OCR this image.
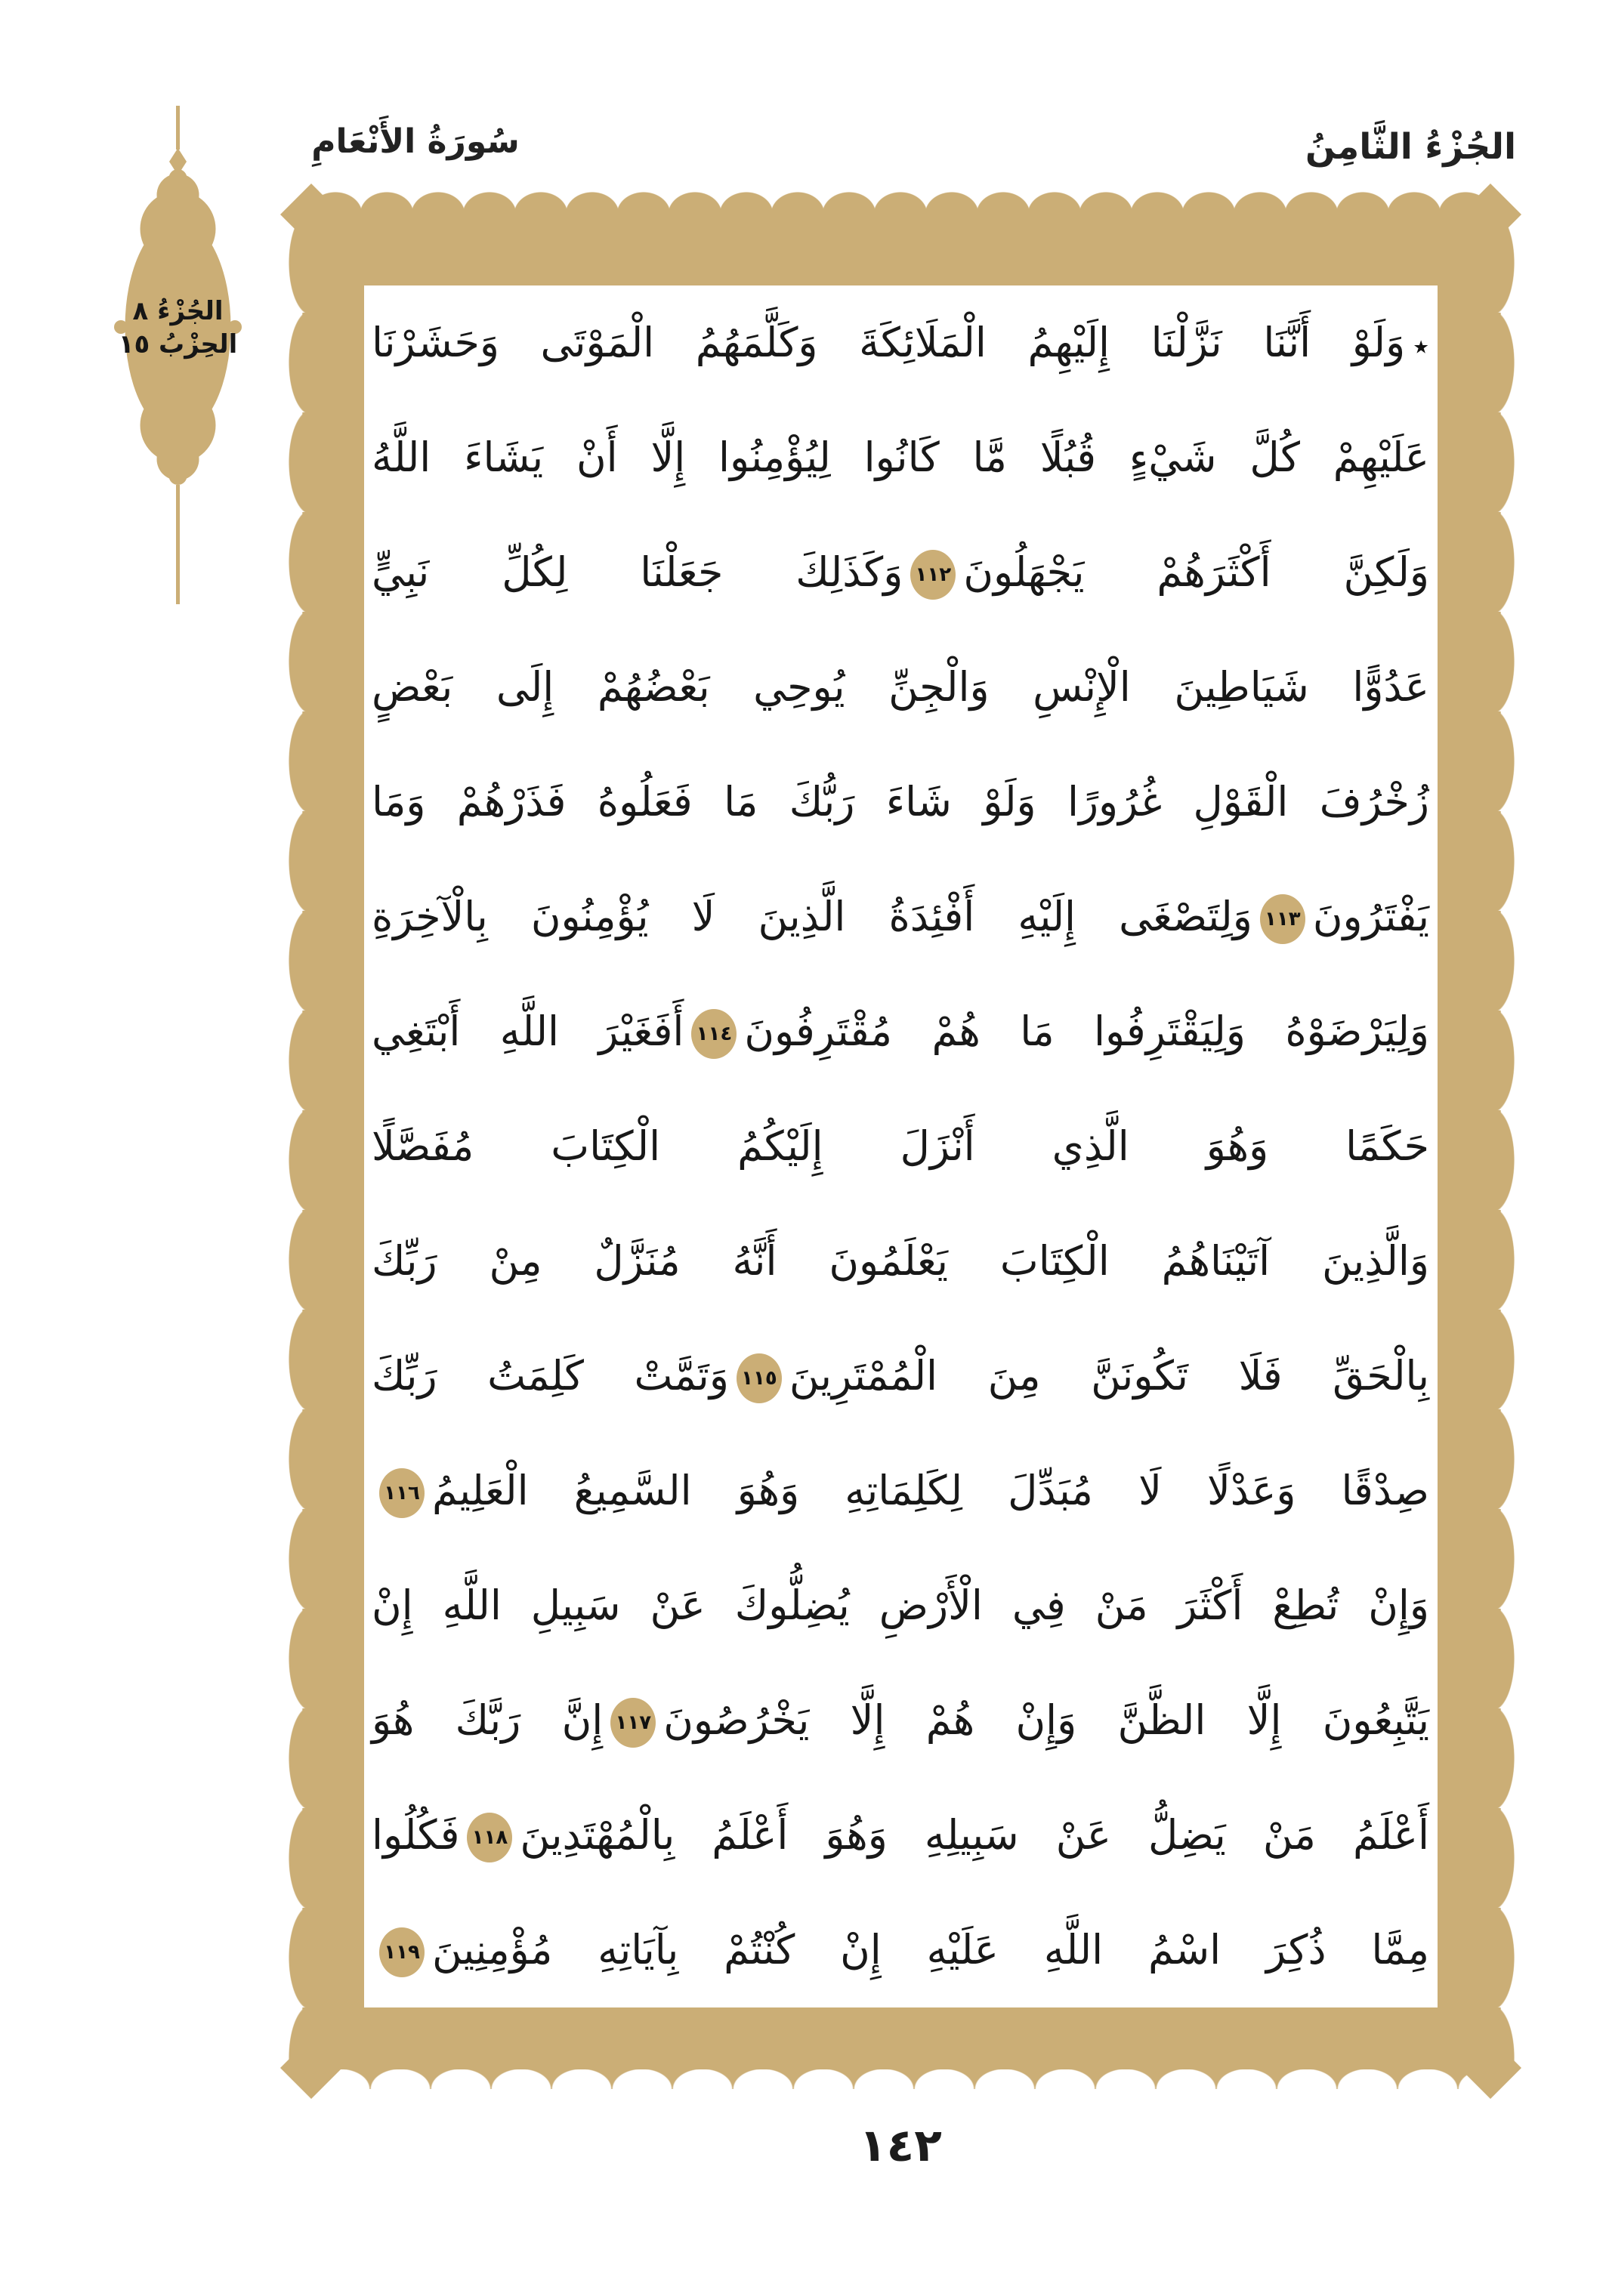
سُورَةُ الأَنْعَامِ	الجُزْءُ الثَّامِنُ
الجُزْءُ ٨
الحِزْبُ ١٥	٭وَلَوْ أَنَّنَا نَزَّلْنَا إِلَيْهِمُ الْمَلَائِكَةَ وَكَلَّمَهُمُ الْمَوْتَى وَحَشَرْنَا
عَلَيْهِمْ كُلَّ شَيْءٍ قُبُلًا مَّا كَانُوا لِيُؤْمِنُوا إِلَّا أَنْ يَشَاءَ اللَّهُ
وَلَكِنَّ أَكْثَرَهُمْ يَجْهَلُونَ١١٢وَكَذَلِكَ جَعَلْنَا لِكُلِّ نَبِيٍّ
عَدُوًّا شَيَاطِينَ الْإِنْسِ وَالْجِنِّ يُوحِي بَعْضُهُمْ إِلَى بَعْضٍ
زُخْرُفَ الْقَوْلِ غُرُورًا وَلَوْ شَاءَ رَبُّكَ مَا فَعَلُوهُ فَذَرْهُمْ وَمَا
يَفْتَرُونَ١١٣وَلِتَصْغَى إِلَيْهِ أَفْئِدَةُ الَّذِينَ لَا يُؤْمِنُونَ بِالْآخِرَةِ
وَلِيَرْضَوْهُ وَلِيَقْتَرِفُوا مَا هُمْ مُقْتَرِفُونَ١١٤أَفَغَيْرَ اللَّهِ أَبْتَغِي
حَكَمًا وَهُوَ الَّذِي أَنْزَلَ إِلَيْكُمُ الْكِتَابَ مُفَصَّلًا
وَالَّذِينَ آتَيْنَاهُمُ الْكِتَابَ يَعْلَمُونَ أَنَّهُ مُنَزَّلٌ مِنْ رَبِّكَ
بِالْحَقِّ فَلَا تَكُونَنَّ مِنَ الْمُمْتَرِينَ١١٥وَتَمَّتْ كَلِمَتُ رَبِّكَ
صِدْقًا وَعَدْلًا لَا مُبَدِّلَ لِكَلِمَاتِهِ وَهُوَ السَّمِيعُ الْعَلِيمُ١١٦
وَإِنْ تُطِعْ أَكْثَرَ مَنْ فِي الْأَرْضِ يُضِلُّوكَ عَنْ سَبِيلِ اللَّهِ إِنْ
يَتَّبِعُونَ إِلَّا الظَّنَّ وَإِنْ هُمْ إِلَّا يَخْرُصُونَ١١٧إِنَّ رَبَّكَ هُوَ
أَعْلَمُ مَنْ يَضِلُّ عَنْ سَبِيلِهِ وَهُوَ أَعْلَمُ بِالْمُهْتَدِينَ١١٨فَكُلُوا
مِمَّا ذُكِرَ اسْمُ اللَّهِ عَلَيْهِ إِنْ كُنْتُمْ بِآيَاتِهِ مُؤْمِنِينَ١١٩
١٤٢
